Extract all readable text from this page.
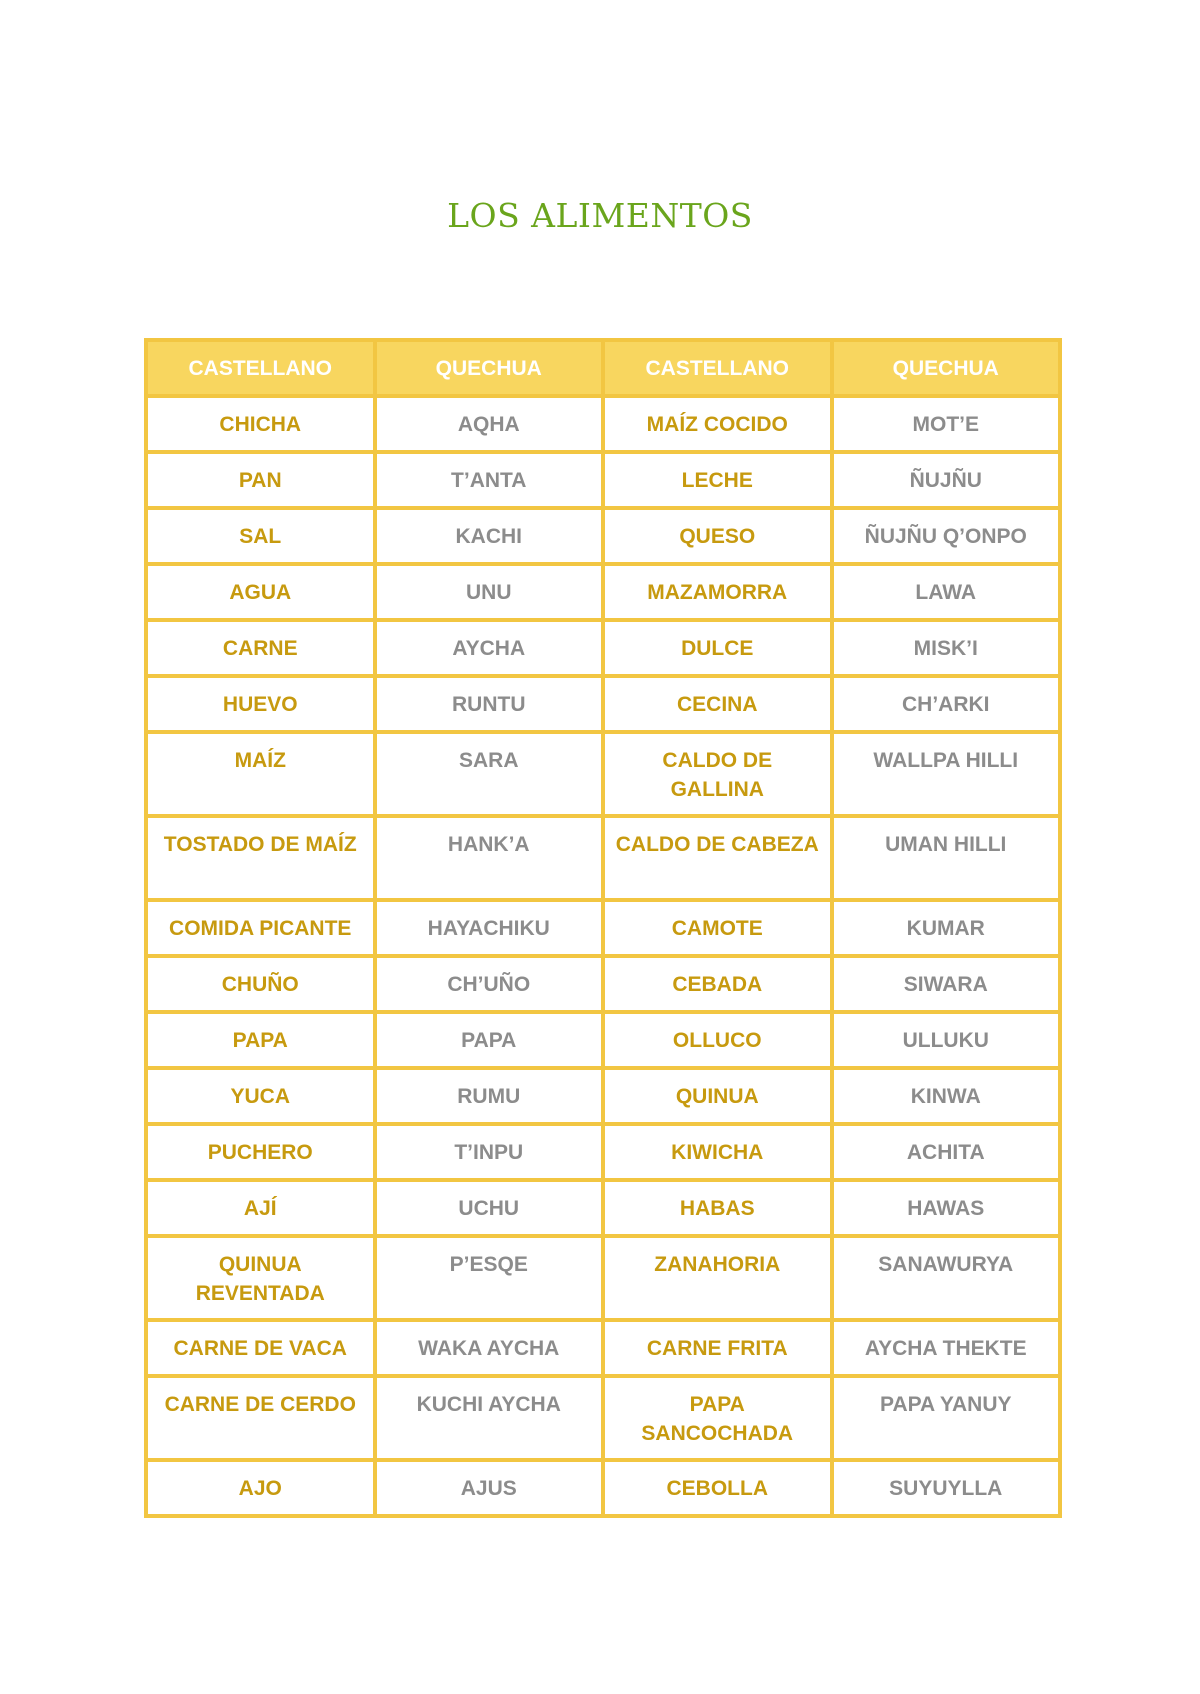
LOS ALIMENTOS
CASTELLANO	QUECHUA	CASTELLANO	QUECHUA
CHICHA	AQHA	MAÍZ COCIDO	MOT’E
PAN	T’ANTA	LECHE	ÑUJÑU
SAL	KACHI	QUESO	ÑUJÑU Q’ONPO
AGUA	UNU	MAZAMORRA	LAWA
CARNE	AYCHA	DULCE	MISK’I
HUEVO	RUNTU	CECINA	CH’ARKI
MAÍZ	SARA	CALDO DE GALLINA	WALLPA HILLI
TOSTADO DE MAÍZ	HANK’A	CALDO DE CABEZA	UMAN HILLI
COMIDA PICANTE	HAYACHIKU	CAMOTE	KUMAR
CHUÑO	CH’UÑO	CEBADA	SIWARA
PAPA	PAPA	OLLUCO	ULLUKU
YUCA	RUMU	QUINUA	KINWA
PUCHERO	T’INPU	KIWICHA	ACHITA
AJÍ	UCHU	HABAS	HAWAS
QUINUA REVENTADA	P’ESQE	ZANAHORIA	SANAWURYA
CARNE DE VACA	WAKA AYCHA	CARNE FRITA	AYCHA THEKTE
CARNE DE CERDO	KUCHI AYCHA	PAPA SANCOCHADA	PAPA YANUY
AJO	AJUS	CEBOLLA	SUYUYLLA
